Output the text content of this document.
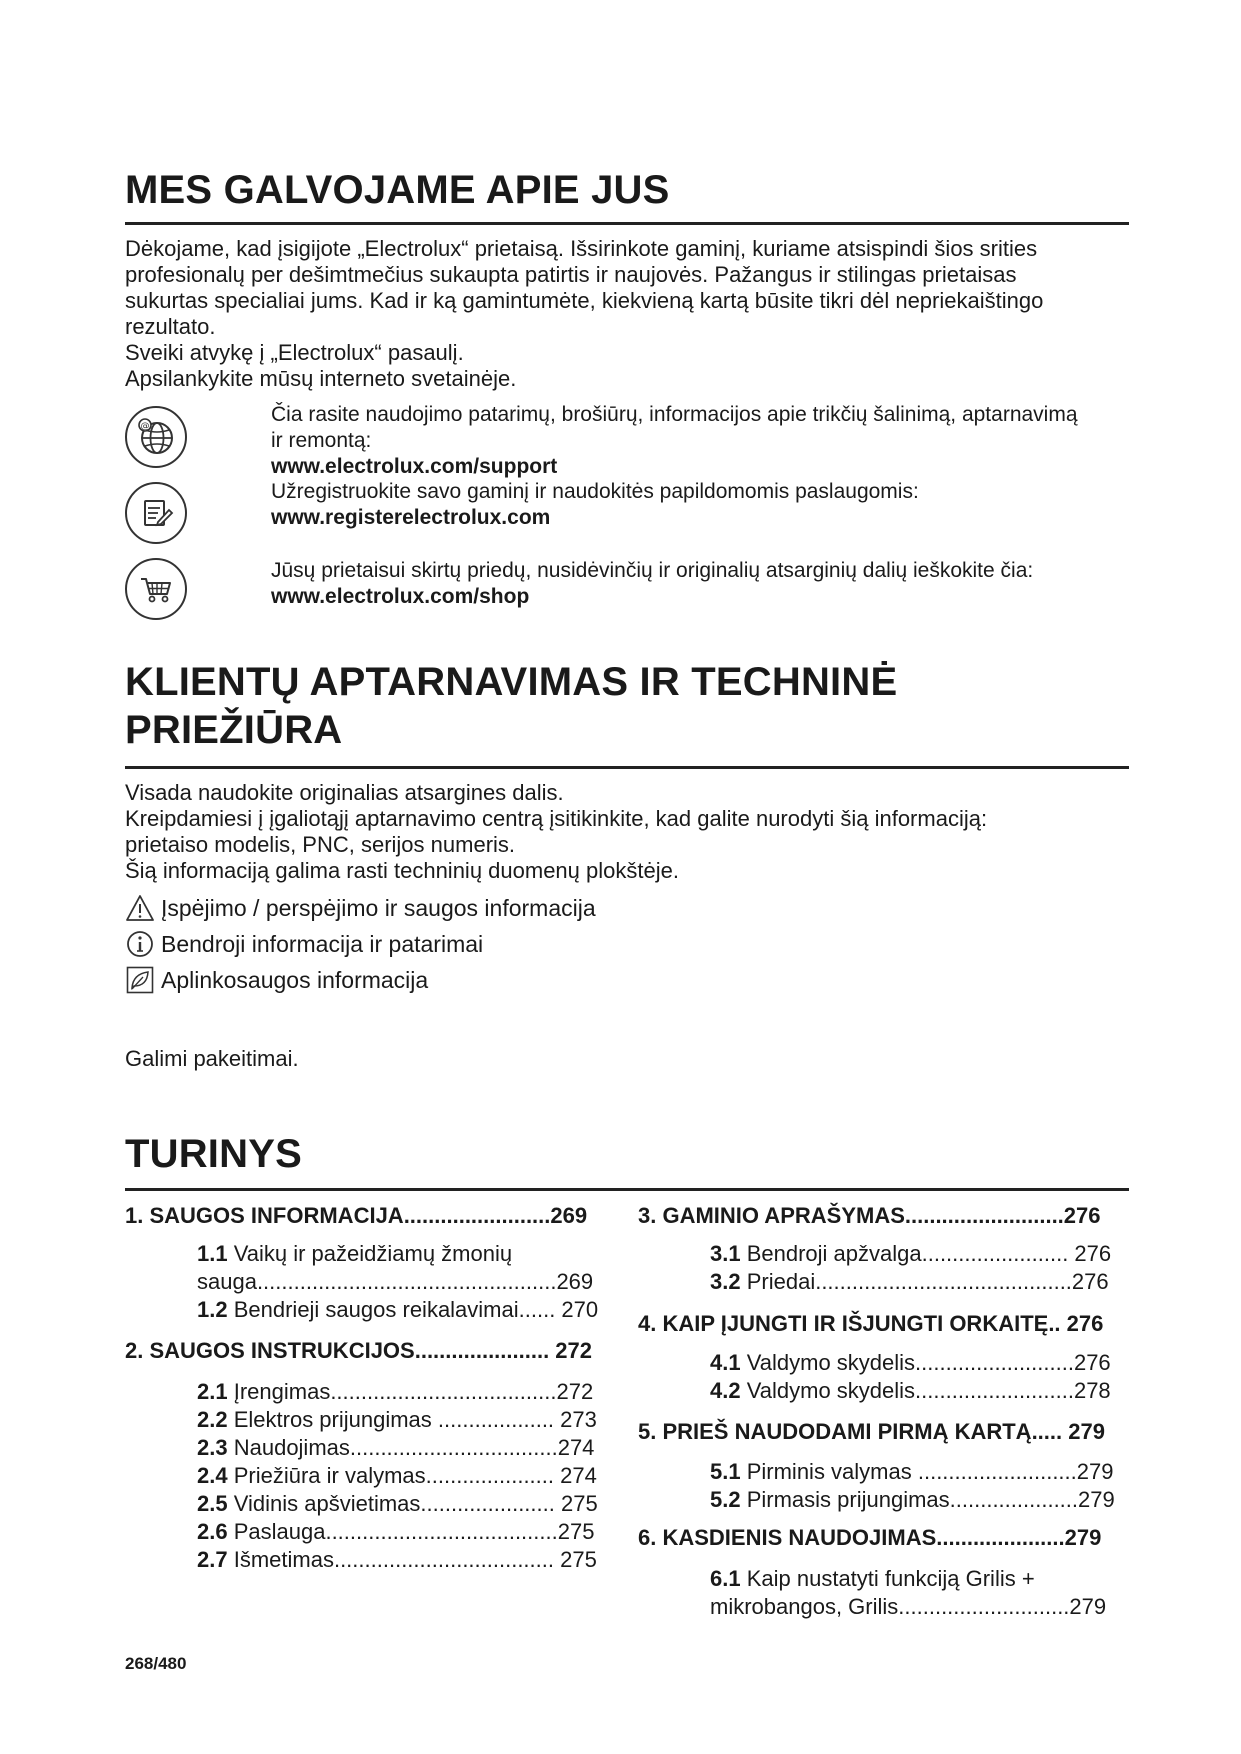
MES GALVOJAME APIE JUS

Dėkojame, kad įsigijote „Electrolux“ prietaisą. Išsirinkote gaminį, kuriame atsispindi šios srities

profesionalų per dešimtmečius sukaupta patirtis ir naujovės. Pažangus ir stilingas prietaisas

sukurtas specialiai jums. Kad ir ką gamintumėte, kiekvieną kartą būsite tikri dėl nepriekaištingo

rezultato.

Sveiki atvykę į „Electrolux“ pasaulį.

Apsilankykite mūsų interneto svetainėje.

@
Čia rasite naudojimo patarimų, brošiūrų, informacijos apie trikčių šalinimą, aptarnavimą
ir remontą:
www.electrolux.com/support
Užregistruokite savo gaminį ir naudokitės papildomomis paslaugomis:
www.registerelectrolux.com
Jūsų prietaisui skirtų priedų, nusidėvinčių ir originalių atsarginių dalių ieškokite čia:
www.electrolux.com/shop
KLIENTŲ APTARNAVIMAS IR TECHNINĖ
PRIEŽIŪRA

Visada naudokite originalias atsargines dalis.

Kreipdamiesi į įgaliotąjį aptarnavimo centrą įsitikinkite, kad galite nurodyti šią informaciją:

prietaiso modelis, PNC, serijos numeris.

Šią informaciją galima rasti techninių duomenų plokštėje.

Įspėjimo / perspėjimo ir saugos informacija
Bendroji informacija ir patarimai
Aplinkosaugos informacija
Galimi pakeitimai.
TURINYS
1. SAUGOS INFORMACIJA........................269
1.1 Vaikų ir pažeidžiamų žmonių
sauga.................................................269
1.2 Bendrieji saugos reikalavimai...... 270
2. SAUGOS INSTRUKCIJOS...................... 272
2.1 Įrengimas.....................................272
2.2 Elektros prijungimas ................... 273
2.3 Naudojimas..................................274
2.4 Priežiūra ir valymas..................... 274
2.5 Vidinis apšvietimas...................... 275
2.6 Paslauga......................................275
2.7 Išmetimas.................................... 275
3. GAMINIO APRAŠYMAS..........................276
3.1 Bendroji apžvalga........................ 276
3.2 Priedai..........................................276
4. KAIP ĮJUNGTI IR IŠJUNGTI ORKAITĘ.. 276
4.1 Valdymo skydelis..........................276
4.2 Valdymo skydelis..........................278
5. PRIEŠ NAUDODAMI PIRMĄ KARTĄ..... 279
5.1 Pirminis valymas ..........................279
5.2 Pirmasis prijungimas.....................279
6. KASDIENIS NAUDOJIMAS.....................279
6.1 Kaip nustatyti funkciją Grilis +
mikrobangos, Grilis............................279
268/480
